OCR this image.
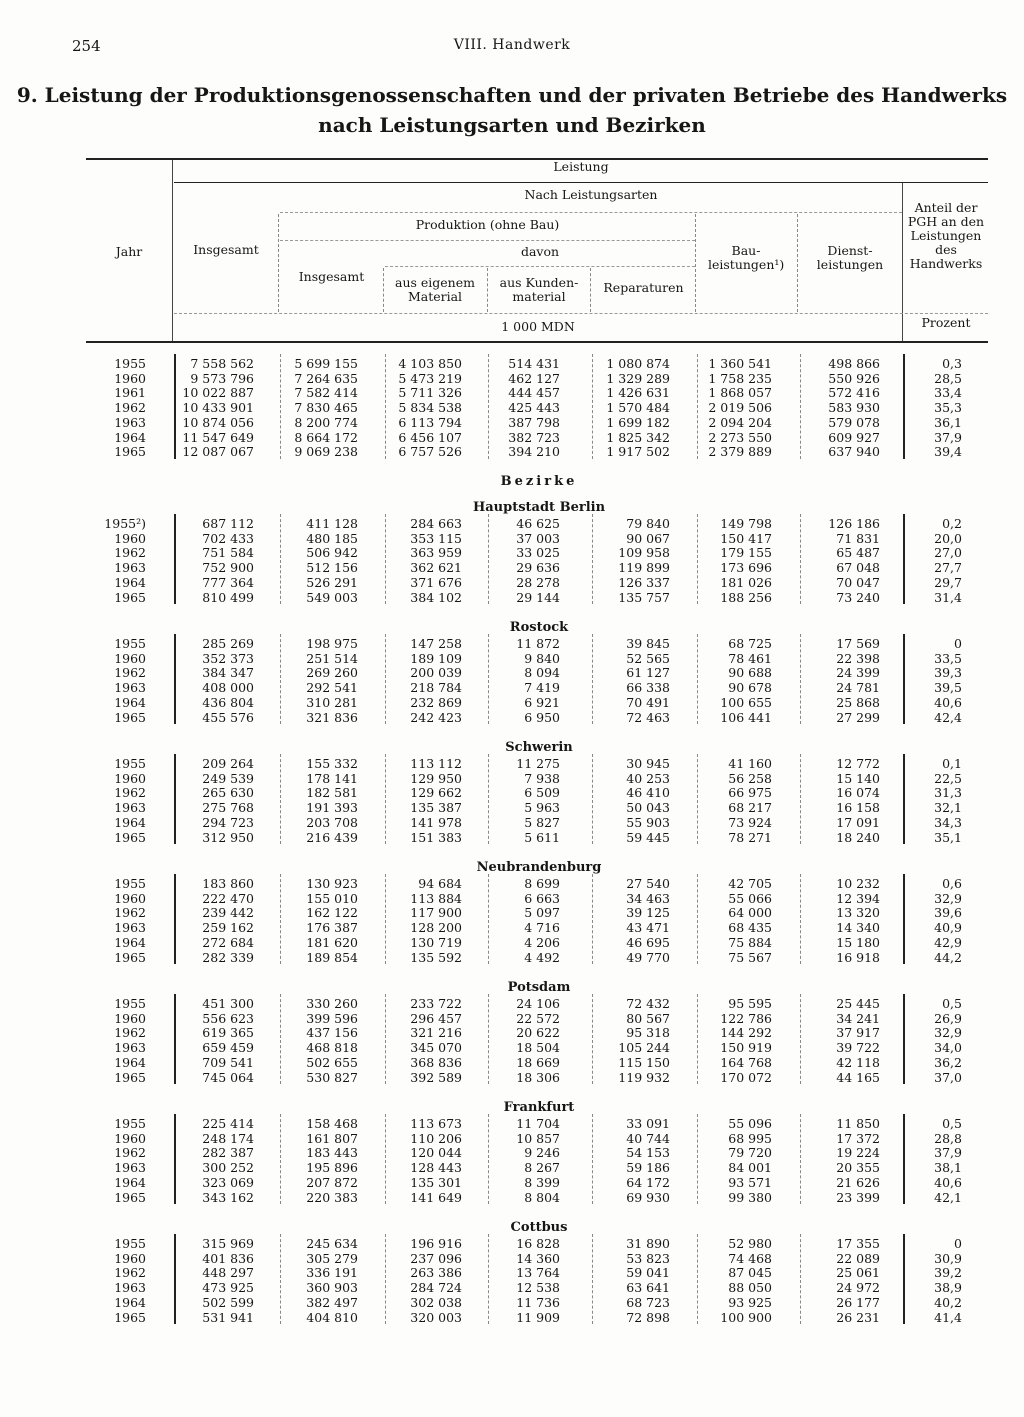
254	VIII. Handwerk
9. Leistung der Produktionsgenossenschaften und der privaten Betriebe des Handwerks
nach Leistungsarten und Bezirken
Leistung
Nach Leistungsarten
Produktion (ohne Bau)
davon
Jahr	Insgesamt
Insgesamt	aus eigenem Material
aus Kunden-material
Reparaturen
Bau-leistungen¹)
Dienst-leistungen
Anteil der PGH an den Leistungen des Handwerks
1 000 MDN	Prozent
Bezirke
1955	7 558 562	5 699 155	4 103 850	514 431	1 080 874	1 360 541	498 866	0,3
1960	9 573 796	7 264 635	5 473 219	462 127	1 329 289	1 758 235	550 926	28,5
1961	10 022 887	7 582 414	5 711 326	444 457	1 426 631	1 868 057	572 416	33,4
1962	10 433 901	7 830 465	5 834 538	425 443	1 570 484	2 019 506	583 930	35,3
1963	10 874 056	8 200 774	6 113 794	387 798	1 699 182	2 094 204	579 078	36,1
1964	11 547 649	8 664 172	6 456 107	382 723	1 825 342	2 273 550	609 927	37,9
1965	12 087 067	9 069 238	6 757 526	394 210	1 917 502	2 379 889	637 940	39,4
Hauptstadt Berlin
1955²)	687 112	411 128	284 663	46 625	79 840	149 798	126 186	0,2
1960	702 433	480 185	353 115	37 003	90 067	150 417	71 831	20,0
1962	751 584	506 942	363 959	33 025	109 958	179 155	65 487	27,0
1963	752 900	512 156	362 621	29 636	119 899	173 696	67 048	27,7
1964	777 364	526 291	371 676	28 278	126 337	181 026	70 047	29,7
1965	810 499	549 003	384 102	29 144	135 757	188 256	73 240	31,4
Rostock
1955	285 269	198 975	147 258	11 872	39 845	68 725	17 569	0
1960	352 373	251 514	189 109	9 840	52 565	78 461	22 398	33,5
1962	384 347	269 260	200 039	8 094	61 127	90 688	24 399	39,3
1963	408 000	292 541	218 784	7 419	66 338	90 678	24 781	39,5
1964	436 804	310 281	232 869	6 921	70 491	100 655	25 868	40,6
1965	455 576	321 836	242 423	6 950	72 463	106 441	27 299	42,4
Schwerin
1955	209 264	155 332	113 112	11 275	30 945	41 160	12 772	0,1
1960	249 539	178 141	129 950	7 938	40 253	56 258	15 140	22,5
1962	265 630	182 581	129 662	6 509	46 410	66 975	16 074	31,3
1963	275 768	191 393	135 387	5 963	50 043	68 217	16 158	32,1
1964	294 723	203 708	141 978	5 827	55 903	73 924	17 091	34,3
1965	312 950	216 439	151 383	5 611	59 445	78 271	18 240	35,1
Neubrandenburg
1955	183 860	130 923	94 684	8 699	27 540	42 705	10 232	0,6
1960	222 470	155 010	113 884	6 663	34 463	55 066	12 394	32,9
1962	239 442	162 122	117 900	5 097	39 125	64 000	13 320	39,6
1963	259 162	176 387	128 200	4 716	43 471	68 435	14 340	40,9
1964	272 684	181 620	130 719	4 206	46 695	75 884	15 180	42,9
1965	282 339	189 854	135 592	4 492	49 770	75 567	16 918	44,2
Potsdam
1955	451 300	330 260	233 722	24 106	72 432	95 595	25 445	0,5
1960	556 623	399 596	296 457	22 572	80 567	122 786	34 241	26,9
1962	619 365	437 156	321 216	20 622	95 318	144 292	37 917	32,9
1963	659 459	468 818	345 070	18 504	105 244	150 919	39 722	34,0
1964	709 541	502 655	368 836	18 669	115 150	164 768	42 118	36,2
1965	745 064	530 827	392 589	18 306	119 932	170 072	44 165	37,0
Frankfurt
1955	225 414	158 468	113 673	11 704	33 091	55 096	11 850	0,5
1960	248 174	161 807	110 206	10 857	40 744	68 995	17 372	28,8
1962	282 387	183 443	120 044	9 246	54 153	79 720	19 224	37,9
1963	300 252	195 896	128 443	8 267	59 186	84 001	20 355	38,1
1964	323 069	207 872	135 301	8 399	64 172	93 571	21 626	40,6
1965	343 162	220 383	141 649	8 804	69 930	99 380	23 399	42,1
Cottbus
1955	315 969	245 634	196 916	16 828	31 890	52 980	17 355	0
1960	401 836	305 279	237 096	14 360	53 823	74 468	22 089	30,9
1962	448 297	336 191	263 386	13 764	59 041	87 045	25 061	39,2
1963	473 925	360 903	284 724	12 538	63 641	88 050	24 972	38,9
1964	502 599	382 497	302 038	11 736	68 723	93 925	26 177	40,2
1965	531 941	404 810	320 003	11 909	72 898	100 900	26 231	41,4
